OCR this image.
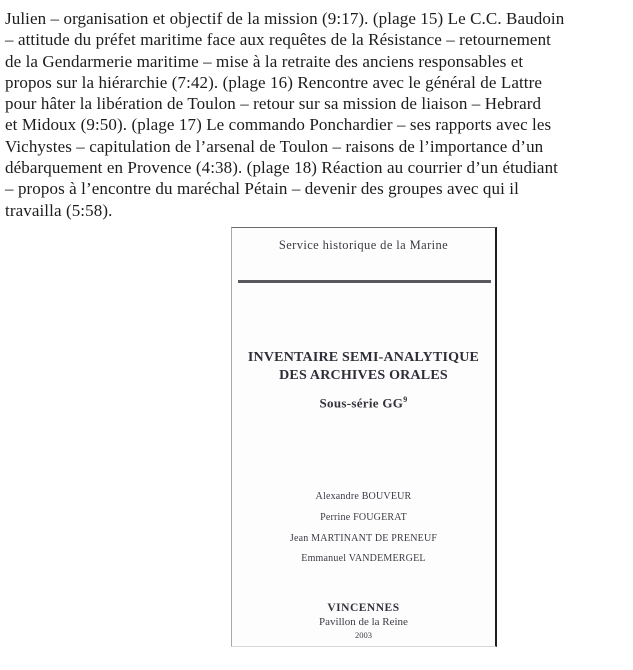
Julien – organisation et objectif de la mission (9:17). (plage 15) Le C.C. Baudoin
– attitude du préfet maritime face aux requêtes de la Résistance – retournement
de la Gendarmerie maritime – mise à la retraite des anciens responsables et
propos sur la hiérarchie (7:42). (plage 16) Rencontre avec le général de Lattre
pour hâter la libération de Toulon – retour sur sa mission de liaison – Hebrard
et Midoux (9:50). (plage 17) Le commando Ponchardier – ses rapports avec les
Vichystes – capitulation de l’arsenal de Toulon – raisons de l’importance d’un
débarquement en Provence (4:38). (plage 18) Réaction au courrier d’un étudiant
– propos à l’encontre du maréchal Pétain – devenir des groupes avec qui il
travailla (5:58).
Service historique de la Marine
INVENTAIRE SEMI-ANALYTIQUE
DES ARCHIVES ORALES
Sous-série $GG^9$
Alexandre BOUVEUR
Perrine FOUGERAT
Jean MARTINANT DE PRENEUF
Emmanuel VANDEMERGEL
VINCENNES
Pavillon de la Reine
2003
